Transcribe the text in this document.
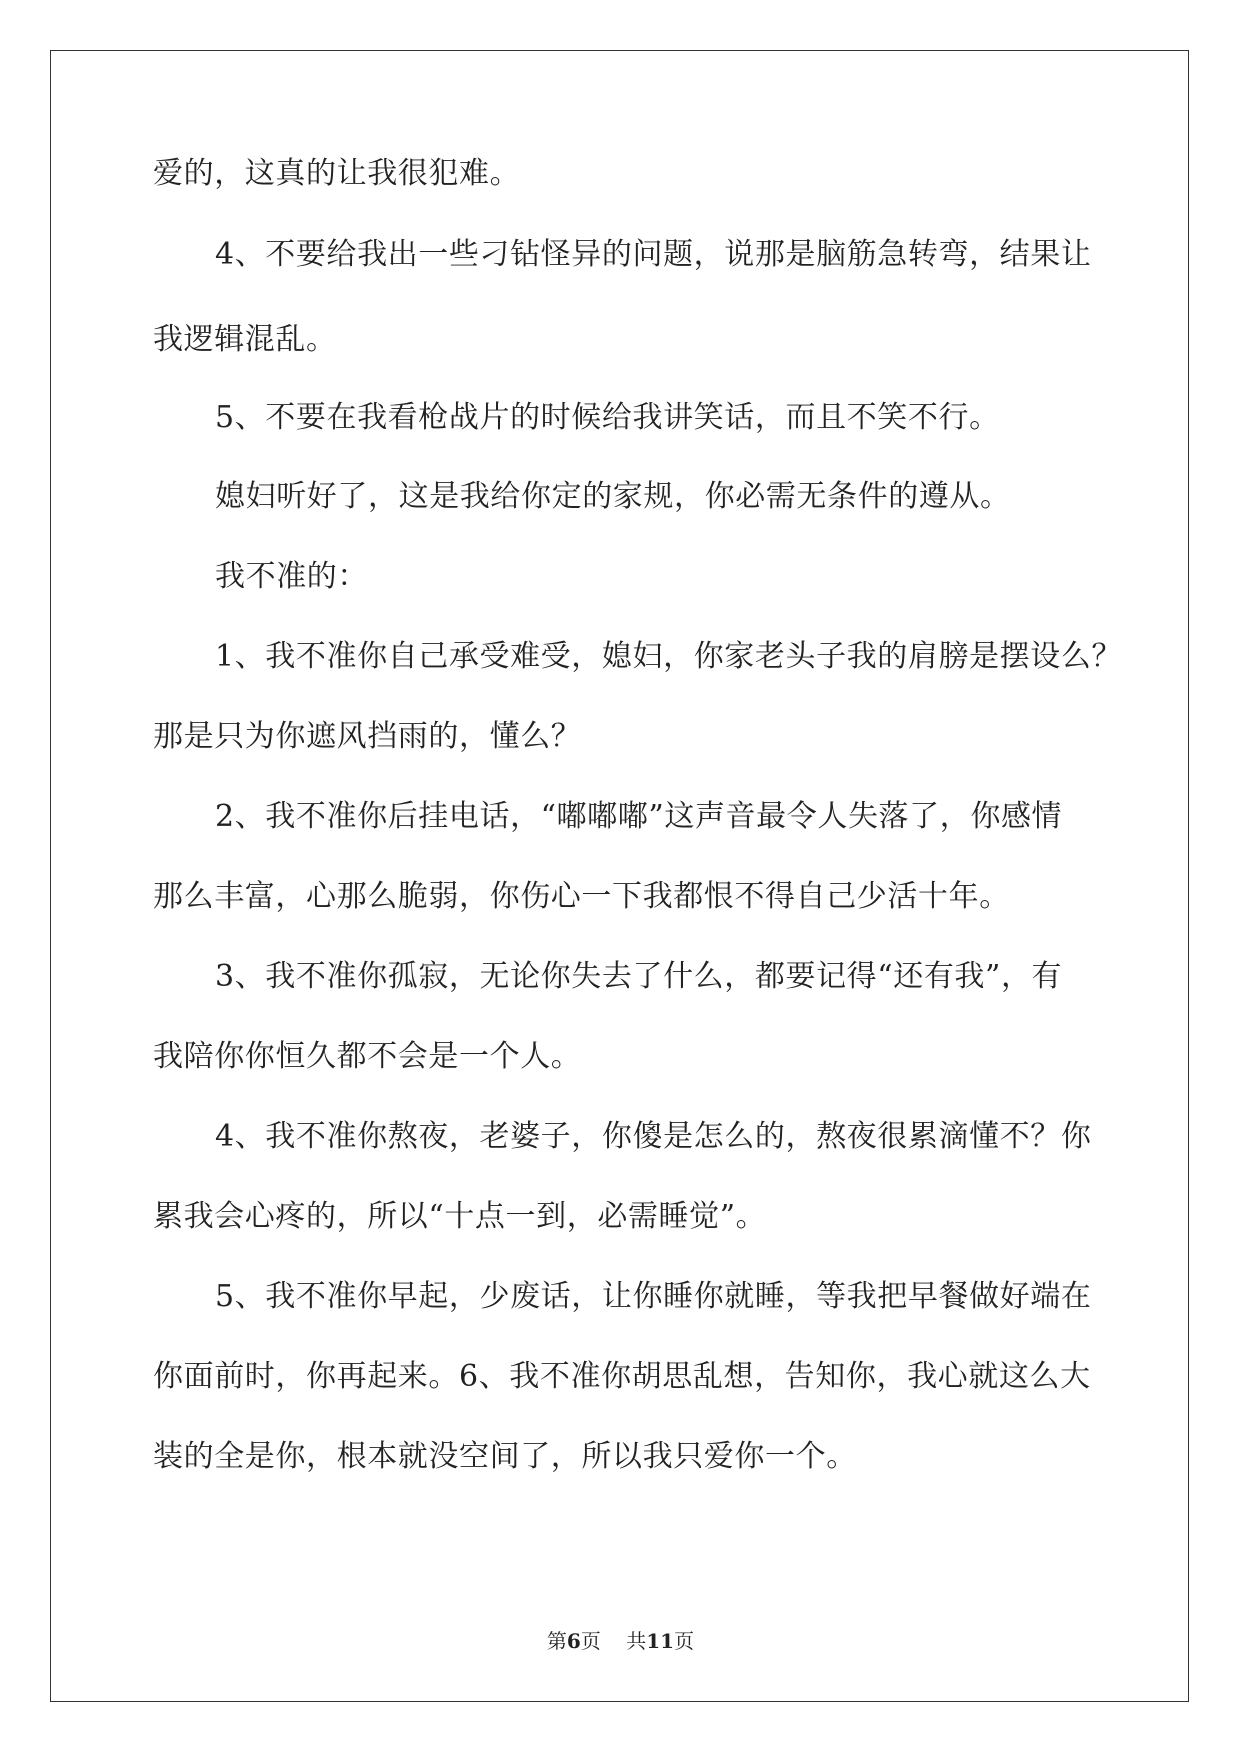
爱的，这真的让我很犯难。
4、不要给我出一些刁钻怪异的问题，说那是脑筋急转弯，结果让
我逻辑混乱。
5、不要在我看枪战片的时候给我讲笑话，而且不笑不行。
媳妇听好了，这是我给你定的家规，你必需无条件的遵从。
我不准的：
1、我不准你自己承受难受，媳妇，你家老头子我的肩膀是摆设么？
那是只为你遮风挡雨的，懂么？
2、我不准你后挂电话，“嘟嘟嘟”这声音最令人失落了，你感情
那么丰富，心那么脆弱，你伤心一下我都恨不得自己少活十年。
3、我不准你孤寂，无论你失去了什么，都要记得“还有我”，有
我陪你你恒久都不会是一个人。
4、我不准你熬夜，老婆子，你傻是怎么的，熬夜很累滴懂不？你
累我会心疼的，所以“十点一到，必需睡觉”。
5、我不准你早起，少废话，让你睡你就睡，等我把早餐做好端在
你面前时，你再起来。6、我不准你胡思乱想，告知你，我心就这么大
装的全是你，根本就没空间了，所以我只爱你一个。
第6页 共11页
